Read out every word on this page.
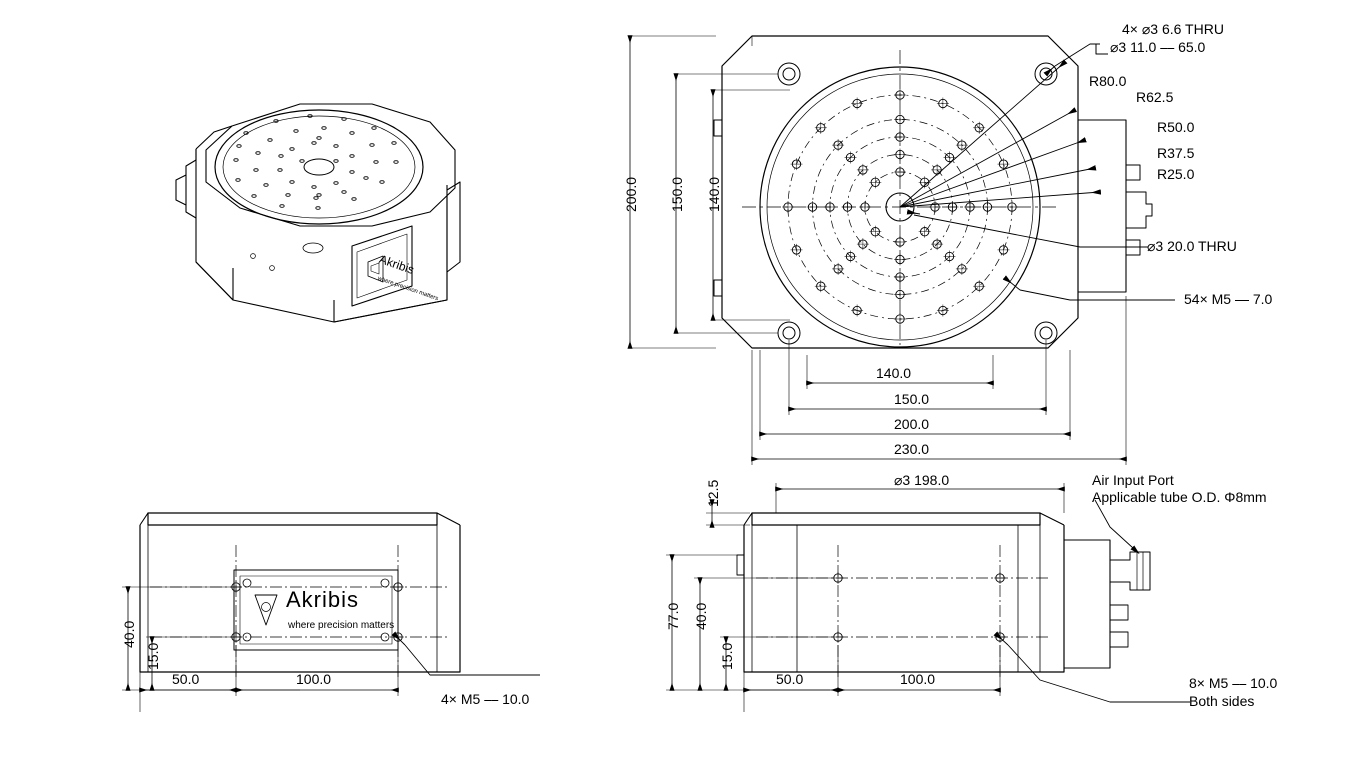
4× ⌀3 6.6 THRU
⌀3 11.0 ⎯⎯ 65.0
R80.0
R62.5
R50.0
R37.5
R25.0
⌀3 20.0 THRU
54× M5 ⎯⎯ 7.0
200.0 150.0 140.0
140.0
150.0
200.0
230.0
⌀3 198.0	Air Input Port
Applicable tube O.D. Φ8mm
12.5
77.0 40.0
15.0
50.0	100.0	8× M5 ⎯⎯ 10.0
Both sides
40.0
15.0
50.0	100.0
4× M5 ⎯⎯ 10.0
Akribis
where precision matters
Akribis
where precision matters
